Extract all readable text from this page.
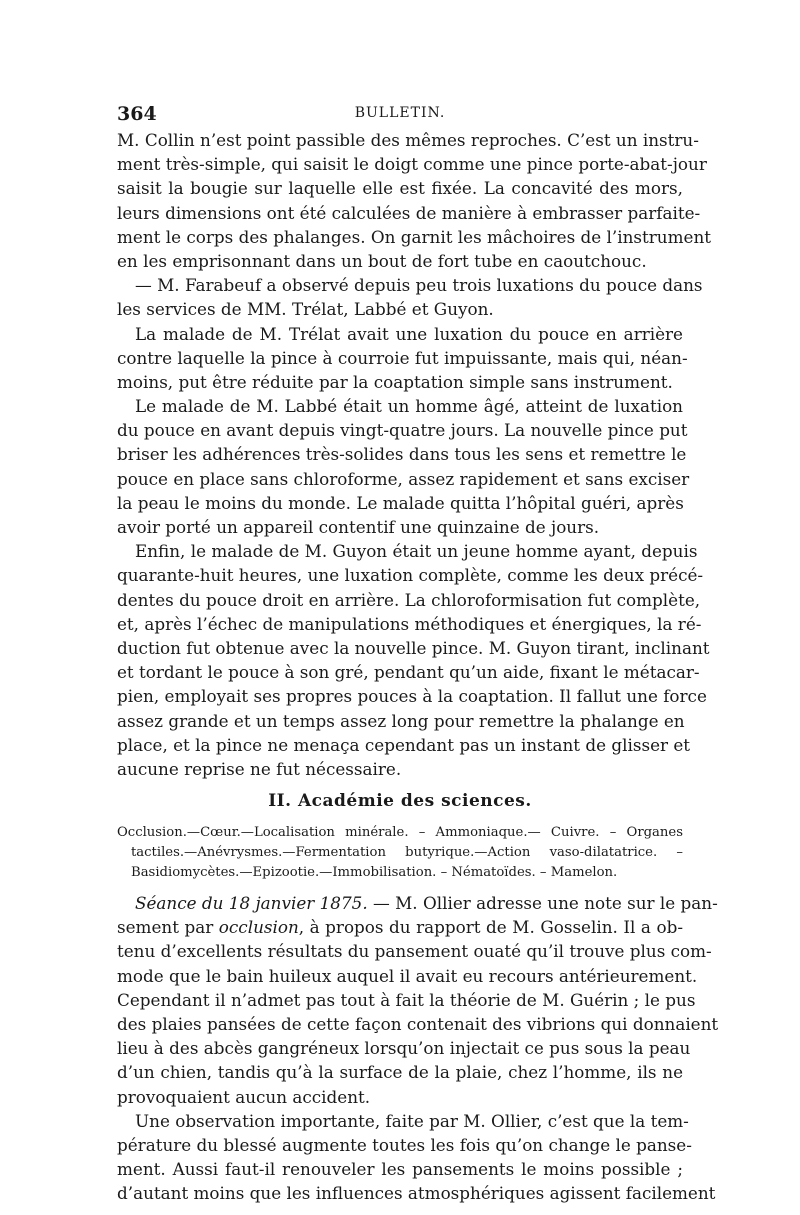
364	BULLETIN.
M. Collin n’est point passible des mêmes reproches. C’est un instru-
ment très-simple, qui saisit le doigt comme une pince porte-abat-jour
saisit la bougie sur laquelle elle est fixée. La concavité des mors,
leurs dimensions ont été calculées de manière à embrasser parfaite-
ment le corps des phalanges. On garnit les mâchoires de l’instrument
en les emprisonnant dans un bout de fort tube en caoutchouc.
— M. Farabeuf a observé depuis peu trois luxations du pouce dans
les services de MM. Trélat, Labbé et Guyon.
La malade de M. Trélat avait une luxation du pouce en arrière
contre laquelle la pince à courroie fut impuissante, mais qui, néan-
moins, put être réduite par la coaptation simple sans instrument.
Le malade de M. Labbé était un homme âgé, atteint de luxation
du pouce en avant depuis vingt-quatre jours. La nouvelle pince put
briser les adhérences très-solides dans tous les sens et remettre le
pouce en place sans chloroforme, assez rapidement et sans exciser
la peau le moins du monde. Le malade quitta l’hôpital guéri, après
avoir porté un appareil contentif une quinzaine de jours.
Enfin, le malade de M. Guyon était un jeune homme ayant, depuis
quarante-huit heures, une luxation complète, comme les deux précé-
dentes du pouce droit en arrière. La chloroformisation fut complète,
et, après l’échec de manipulations méthodiques et énergiques, la ré-
duction fut obtenue avec la nouvelle pince. M. Guyon tirant, inclinant
et tordant le pouce à son gré, pendant qu’un aide, fixant le métacar-
pien, employait ses propres pouces à la coaptation. Il fallut une force
assez grande et un temps assez long pour remettre la phalange en
place, et la pince ne menaça cependant pas un instant de glisser et
aucune reprise ne fut nécessaire.
II. Académie des sciences.
Occlusion.—Cœur.—Localisation minérale. – Ammoniaque.— Cuivre. – Organes
tactiles.—Anévrysmes.—Fermentation butyrique.—Action vaso-dilatatrice. –
Basidiomycètes.—Epizootie.—Immobilisation. – Nématoïdes. – Mamelon.
Séance du 18 janvier 1875. — M. Ollier adresse une note sur le pan-
sement par occlusion, à propos du rapport de M. Gosselin. Il a ob-
tenu d’excellents résultats du pansement ouaté qu’il trouve plus com-
mode que le bain huileux auquel il avait eu recours antérieurement.
Cependant il n’admet pas tout à fait la théorie de M. Guérin ; le pus
des plaies pansées de cette façon contenait des vibrions qui donnaient
lieu à des abcès gangréneux lorsqu’on injectait ce pus sous la peau
d’un chien, tandis qu’à la surface de la plaie, chez l’homme, ils ne
provoquaient aucun accident.
Une observation importante, faite par M. Ollier, c’est que la tem-
pérature du blessé augmente toutes les fois qu’on change le panse-
ment. Aussi faut-il renouveler les pansements le moins possible ;
d’autant moins que les influences atmosphériques agissent facilement
